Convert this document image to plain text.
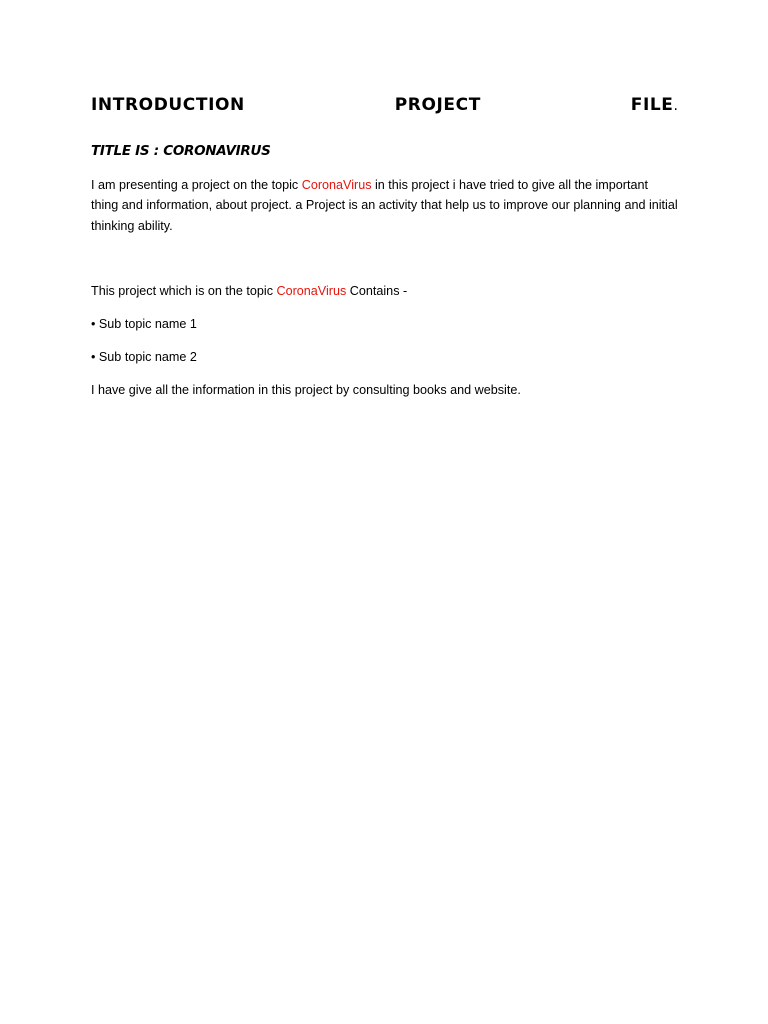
INTRODUCTION	PROJECT	FILE.
TITLE IS : CORONAVIRUS

I am presenting a project on the topic CoronaVirus in this project i have tried to give all the important thing and information, about project. a Project is an activity that help us to improve our planning and initial thinking ability.

This project which is on the topic CoronaVirus Contains -

• Sub topic name 1

• Sub topic name 2

I have give all the information in this project by consulting books and website.
